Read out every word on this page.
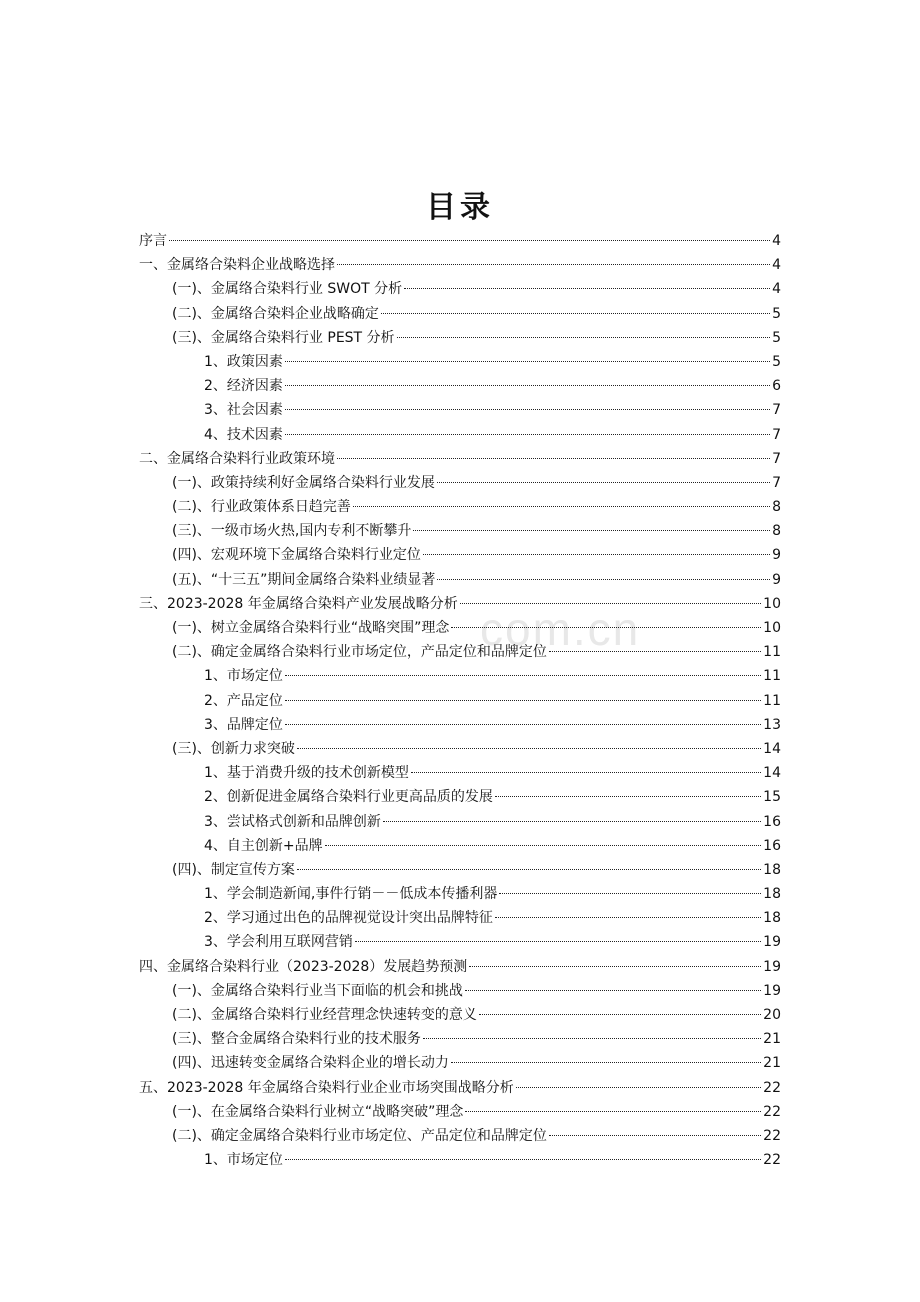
com.cn
目录
序言	4
一、金属络合染料企业战略选择	4
(一)、金属络合染料行业 SWOT 分析	4
(二)、金属络合染料企业战略确定	5
(三)、金属络合染料行业 PEST 分析	5
1、政策因素	5
2、经济因素	6
3、社会因素	7
4、技术因素	7
二、金属络合染料行业政策环境	7
(一)、政策持续利好金属络合染料行业发展	7
(二)、行业政策体系日趋完善	8
(三)、一级市场火热,国内专利不断攀升	8
(四)、宏观环境下金属络合染料行业定位	9
(五)、“十三五”期间金属络合染料业绩显著	9
三、2023-2028 年金属络合染料产业发展战略分析	10
(一)、树立金属络合染料行业“战略突围”理念	10
(二)、确定金属络合染料行业市场定位，产品定位和品牌定位	11
1、市场定位	11
2、产品定位	11
3、品牌定位	13
(三)、创新力求突破	14
1、基于消费升级的技术创新模型	14
2、创新促进金属络合染料行业更高品质的发展	15
3、尝试格式创新和品牌创新	16
4、自主创新+品牌	16
(四)、制定宣传方案	18
1、学会制造新闻,事件行销－－低成本传播利器	18
2、学习通过出色的品牌视觉设计突出品牌特征	18
3、学会利用互联网营销	19
四、金属络合染料行业（2023-2028）发展趋势预测	19
(一)、金属络合染料行业当下面临的机会和挑战	19
(二)、金属络合染料行业经营理念快速转变的意义	20
(三)、整合金属络合染料行业的技术服务	21
(四)、迅速转变金属络合染料企业的增长动力	21
五、2023-2028 年金属络合染料行业企业市场突围战略分析	22
(一)、在金属络合染料行业树立“战略突破”理念	22
(二)、确定金属络合染料行业市场定位、产品定位和品牌定位	22
1、市场定位	22
